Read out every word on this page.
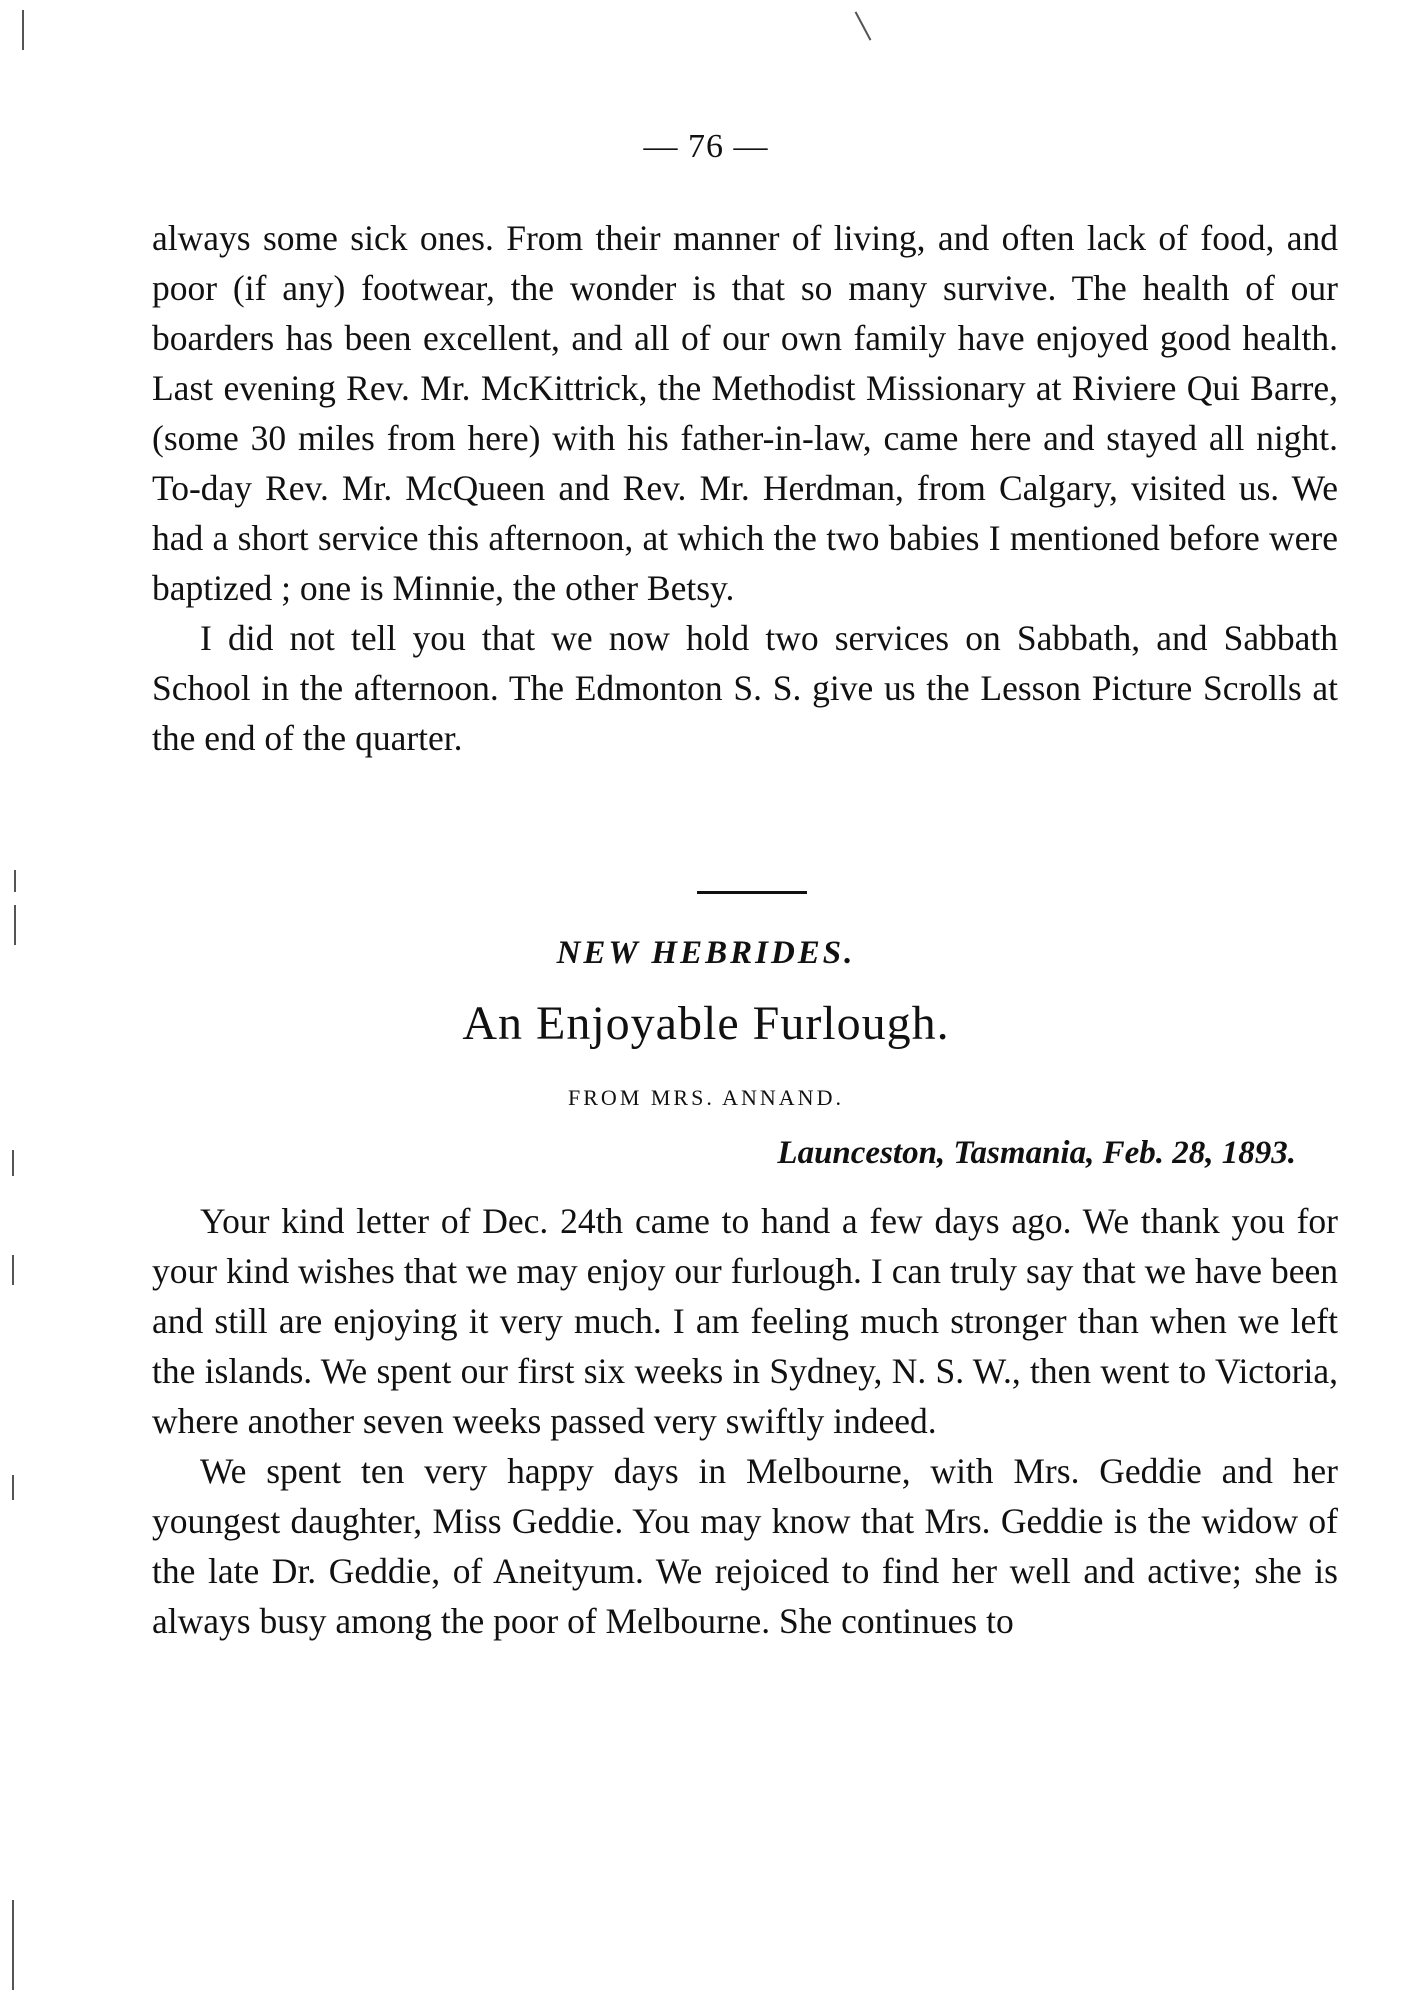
— 76 —

always some sick ones. From their manner of living, and often lack of food, and poor (if any) footwear, the wonder is that so many survive. The health of our boarders has been excellent, and all of our own family have enjoyed good health. Last evening Rev. Mr. McKittrick, the Methodist Missionary at Riviere Qui Barre, (some 30 miles from here) with his father-in-law, came here and stayed all night. To-day Rev. Mr. McQueen and Rev. Mr. Herdman, from Calgary, visited us. We had a short service this afternoon, at which the two babies I mentioned before were baptized ; one is Minnie, the other Betsy.

I did not tell you that we now hold two services on Sabbath, and Sabbath School in the afternoon. The Edmonton S. S. give us the Lesson Picture Scrolls at the end of the quarter.

NEW HEBRIDES.
An Enjoyable Furlough.
FROM MRS. ANNAND.
Launceston, Tasmania, Feb. 28, 1893.

Your kind letter of Dec. 24th came to hand a few days ago. We thank you for your kind wishes that we may enjoy our furlough. I can truly say that we have been and still are enjoying it very much. I am feeling much stronger than when we left the islands. We spent our first six weeks in Sydney, N. S. W., then went to Victoria, where another seven weeks passed very swiftly indeed.

We spent ten very happy days in Melbourne, with Mrs. Geddie and her youngest daughter, Miss Geddie. You may know that Mrs. Geddie is the widow of the late Dr. Geddie, of Aneityum. We rejoiced to find her well and active; she is always busy among the poor of Melbourne. She continues to
